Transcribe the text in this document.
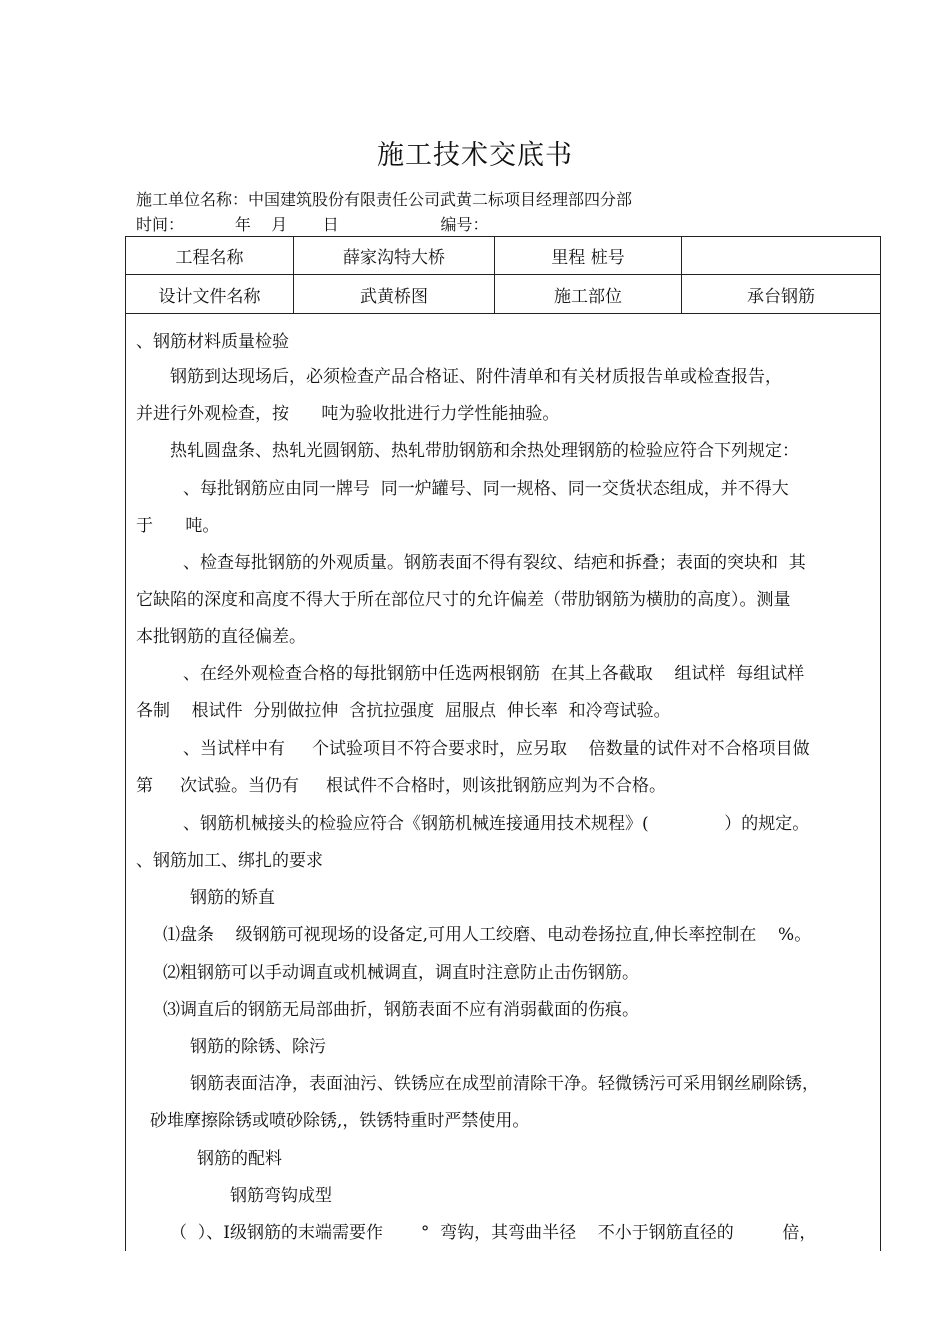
施工技术交底书
施工单位名称：中国建筑股份有限责任公司武黄二标项目经理部四分部
时间：          年    月       日                    编号：
工程名称	薛家沟特大桥	里程 桩号
设计文件名称	武黄桥图	施工部位	承台钢筋
、钢筋材料质量检验
钢筋到达现场后，必须检查产品合格证、附件清单和有关材质报告单或检查报告，
并进行外观检查，按      吨为验收批进行力学性能抽验。
热轧圆盘条、热轧光圆钢筋、热轧带肋钢筋和余热处理钢筋的检验应符合下列规定：
、每批钢筋应由同一牌号  同一炉罐号、同一规格、同一交货状态组成，并不得大
于      吨。
、检查每批钢筋的外观质量。钢筋表面不得有裂纹、结疤和拆叠；表面的突块和  其
它缺陷的深度和高度不得大于所在部位尺寸的允许偏差（带肋钢筋为横肋的高度）。测量
本批钢筋的直径偏差。
、在经外观检查合格的每批钢筋中任选两根钢筋  在其上各截取    组试样  每组试样
各制    根试件  分别做拉伸  含抗拉强度  屈服点  伸长率  和冷弯试验。
、当试样中有     个试验项目不符合要求时，应另取    倍数量的试件对不合格项目做
第     次试验。当仍有     根试件不合格时，则该批钢筋应判为不合格。
、钢筋机械接头的检验应符合《钢筋机械连接通用技术规程》(              ）的规定。
、钢筋加工、绑扎的要求
钢筋的矫直
⑴盘条    级钢筋可视现场的设备定,可用人工绞磨、电动卷扬拉直,伸长率控制在    %。
⑵粗钢筋可以手动调直或机械调直，调直时注意防止击伤钢筋。
⑶调直后的钢筋无局部曲折，钢筋表面不应有消弱截面的伤痕。
钢筋的除锈、除污
钢筋表面洁净，表面油污、铁锈应在成型前清除干净。轻微锈污可采用钢丝刷除锈，
砂堆摩擦除锈或喷砂除锈,，铁锈特重时严禁使用。
钢筋的配料
钢筋弯钩成型
（  ）、Ⅰ级钢筋的末端需要作       °  弯钩，其弯曲半径    不小于钢筋直径的         倍，
